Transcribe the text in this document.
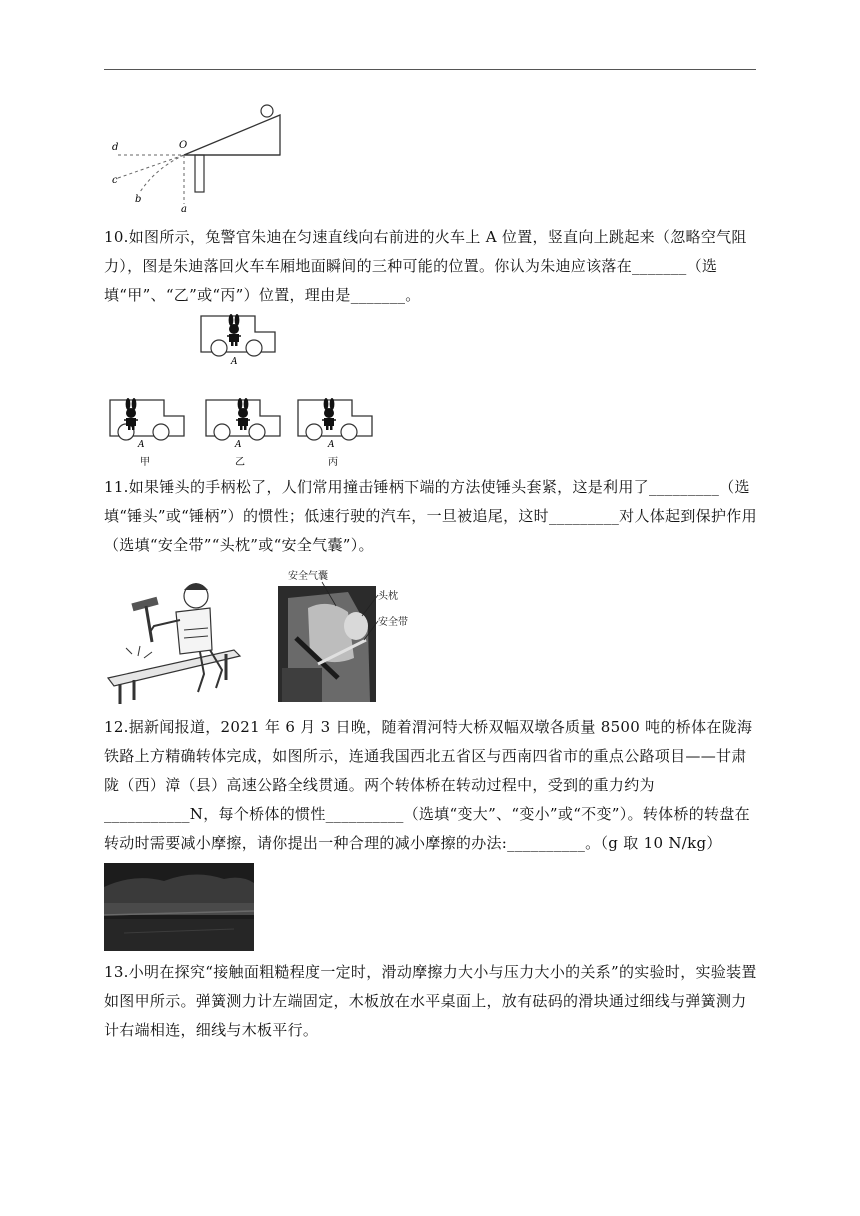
d	O
c
b
a
10.如图所示，兔警官朱迪在匀速直线向右前进的火车上 A 位置，竖直向上跳起来（忽略空气阻力），图是朱迪落回火车车厢地面瞬间的三种可能的位置。你认为朱迪应该落在_______（选填“甲”、“乙”或“丙”）位置，理由是_______。
A
A
甲
A
乙
A
丙
11.如果锤头的手柄松了，人们常用撞击锤柄下端的方法使锤头套紧，这是利用了_________（选填“锤头”或“锤柄”）的惯性；低速行驶的汽车，一旦被追尾，这时_________对人体起到保护作用（选填“安全带”“头枕”或“安全气囊”）。
安全气囊
头枕
安全带
12.据新闻报道，2021 年 6 月 3 日晚，随着渭河特大桥双幅双墩各质量 8500 吨的桥体在陇海铁路上方精确转体完成，如图所示，连通我国西北五省区与西南四省市的重点公路项目——甘肃陇（西）漳（县）高速公路全线贯通。两个转体桥在转动过程中，受到的重力约为___________N，每个桥体的惯性__________（选填“变大”、“变小”或“不变”）。转体桥的转盘在转动时需要减小摩擦，请你提出一种合理的减小摩擦的办法:__________。（g 取 10 N/kg）
13.小明在探究“接触面粗糙程度一定时，滑动摩擦力大小与压力大小的关系”的实验时，实验装置如图甲所示。弹簧测力计左端固定，木板放在水平桌面上，放有砝码的滑块通过细线与弹簧测力计右端相连，细线与木板平行。
